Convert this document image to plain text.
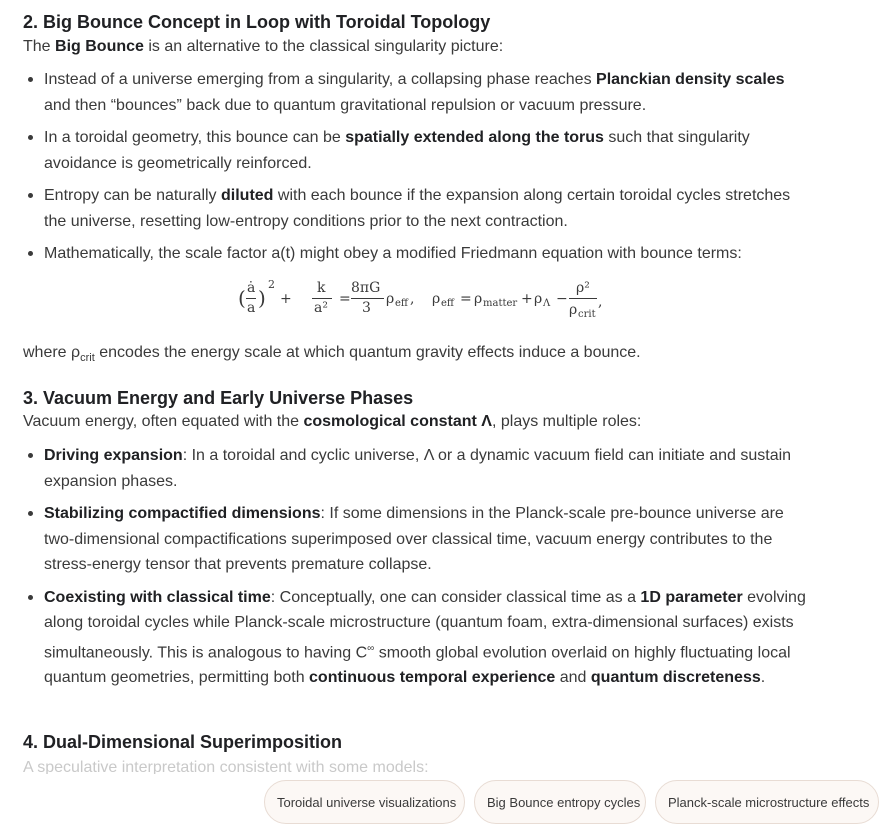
2. Big Bounce Concept in Loop with Toroidal Topology

The Big Bounce is an alternative to the classical singularity picture:

Instead of a universe emerging from a singularity, a collapsing phase reaches Planckian density scales and then “bounces” back due to quantum gravitational repulsion or vacuum pressure.
In a toroidal geometry, this bounce can be spatially extended along the torus such that singularity avoidance is geometrically reinforced.
Entropy can be naturally diluted with each bounce if the expansion along certain toroidal cycles stretches the universe, resetting low-entropy conditions prior to the next contraction.
Mathematically, the scale factor a(t) might obey a modified Friedmann equation with bounce terms:
( ȧ
a )
2
+
k
a²
=
8πG
3
ρ eff , ρ eff = ρ matter + ρ Λ −
ρ²
ρ crit
,

where $\rho_{crit}$ encodes the energy scale at which quantum gravity effects induce a bounce.

3. Vacuum Energy and Early Universe Phases

Vacuum energy, often equated with the cosmological constant Λ, plays multiple roles:

Driving expansion: In a toroidal and cyclic universe, Λ or a dynamic vacuum field can initiate and sustain expansion phases.
Stabilizing compactified dimensions: If some dimensions in the Planck-scale pre-bounce universe are two-dimensional compactifications superimposed over classical time, vacuum energy contributes to the stress-energy tensor that prevents premature collapse.
Coexisting with classical time: Conceptually, one can consider classical time as a 1D parameter evolving along toroidal cycles while Planck-scale microstructure (quantum foam, extra-dimensional surfaces) exists simultaneously. This is analogous to having C∞ smooth global evolution overlaid on highly fluctuating local quantum geometries, permitting both continuous temporal experience and quantum discreteness.
4. Dual-Dimensional Superimposition
A speculative interpretation consistent with some models:
Toroidal universe visualizations	Big Bounce entropy cycles	Planck-scale microstructure effects
